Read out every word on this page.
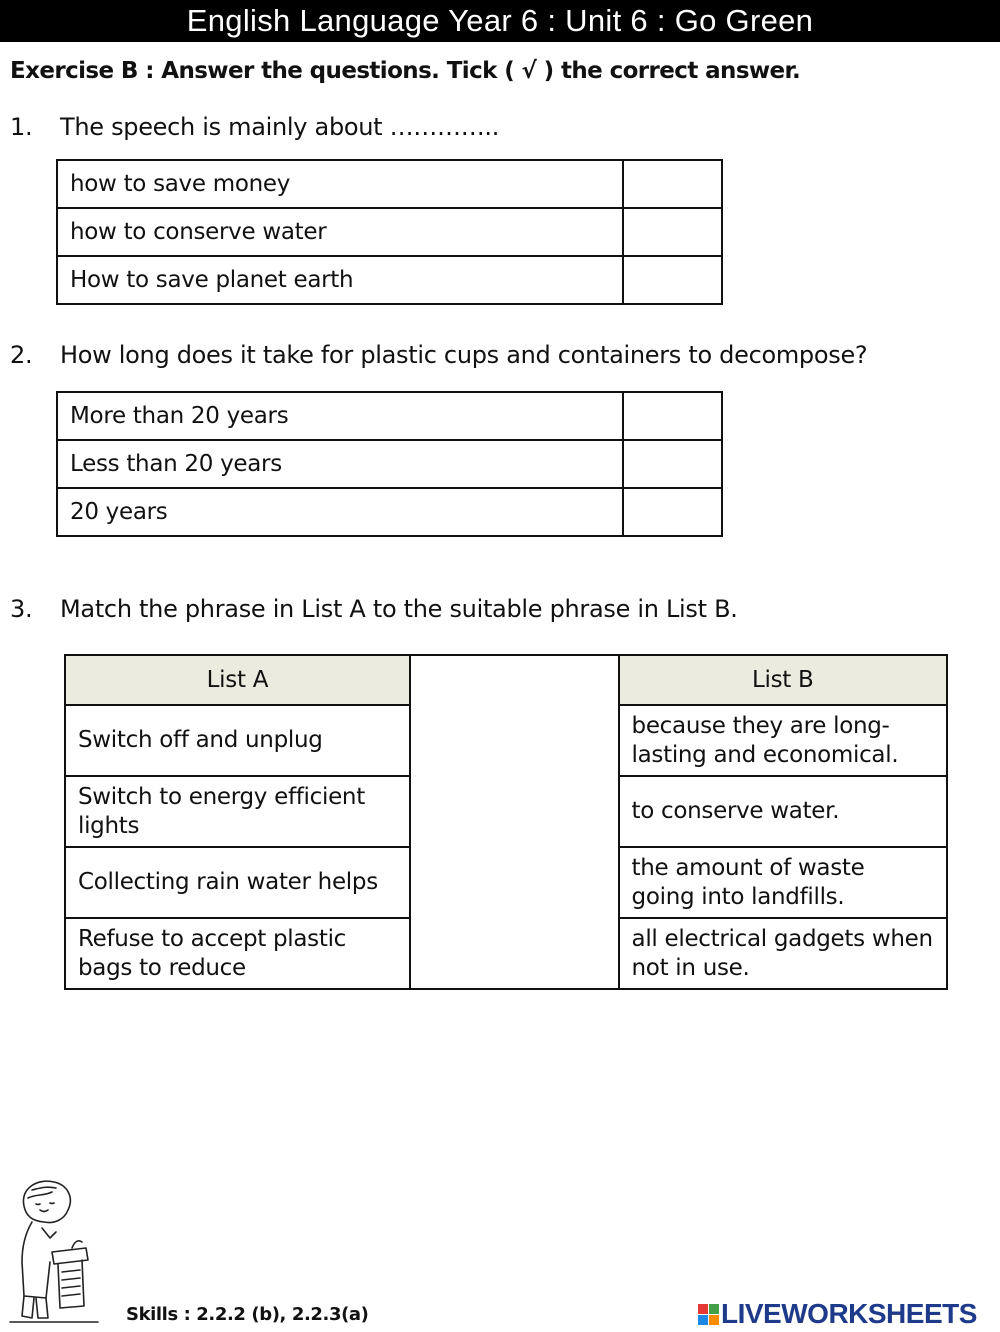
English Language Year 6 : Unit 6 : Go Green
Exercise B : Answer the questions. Tick ( √ ) the correct answer.
1. The speech is mainly about …………..
how to save money	
how to conserve water	
How to save planet earth	
2. How long does it take for plastic cups and containers to decompose?
More than 20 years	
Less than 20 years	
20 years	
3. Match the phrase in List A to the suitable phrase in List B.
List A		List B
Switch off and unplug		because they are long-lasting and economical.
Switch to energy efficient lights		to conserve water.
Collecting rain water helps		the amount of waste going into landfills.
Refuse to accept plastic bags to reduce		all electrical gadgets when not in use.
Skills : 2.2.2 (b), 2.2.3(a)	LIVEWORKSHEETS
